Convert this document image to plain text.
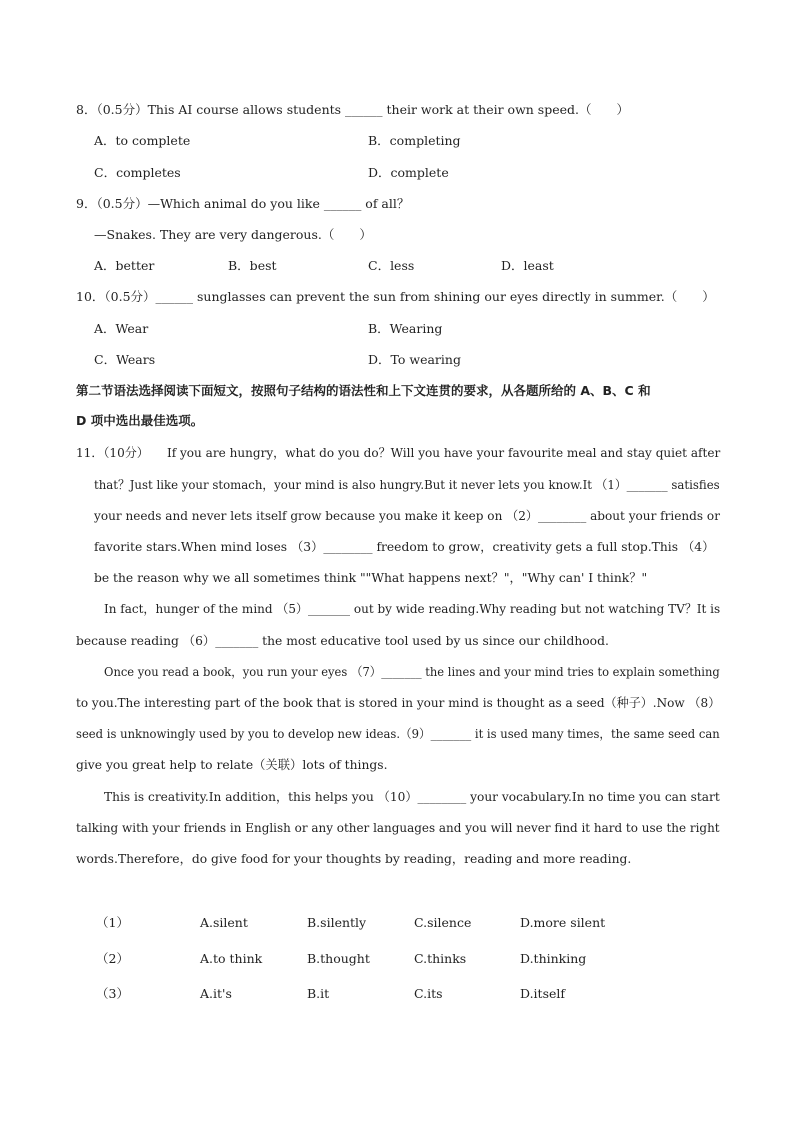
8．（0.5分）This AI course allows students ______ their work at their own speed.（　　）
A．to complete	B．completing
C．completes	D．complete
9．（0.5分）—Which animal do you like ______ of all？
—Snakes. They are very dangerous.（　　）
A．better	B．best	C．less	D．least
10．（0.5分）______ sunglasses can prevent the sun from shining our eyes directly in summer.（　　）
A．Wear	B．Wearing
C．Wears	D．To wearing
第二节语法选择阅读下面短文，按照句子结构的语法性和上下文连贯的要求，从各题所给的 A、B、C 和
D 项中选出最佳选项。
11．（10分）　　If you are hungry，what do you do？Will you have your favourite meal and stay quiet after
that？Just like your stomach，your mind is also hungry.But it never lets you know.It （1）_______ satisfies
your needs and never lets itself grow because you make it keep on （2）________ about your friends or
favorite stars.When mind loses （3）________ freedom to grow，creativity gets a full stop.This （4）
be the reason why we all sometimes think ""What happens next？"，"Why can' I think？"
In fact，hunger of the mind （5）_______ out by wide reading.Why reading but not watching TV？It is
because reading （6）_______ the most educative tool used by us since our childhood.
Once you read a book，you run your eyes （7）_______ the lines and your mind tries to explain something
to you.The interesting part of the book that is stored in your mind is thought as a seed（种子）.Now （8）
seed is unknowingly used by you to develop new ideas.（9）_______ it is used many times，the same seed can
give you great help to relate（关联）lots of things.
This is creativity.In addition，this helps you （10）________ your vocabulary.In no time you can start
talking with your friends in English or any other languages and you will never find it hard to use the right
words.Therefore，do give food for your thoughts by reading，reading and more reading.
（1）	A.silent	B.silently	C.silence	D.more silent
（2）	A.to think	B.thought	C.thinks	D.thinking
（3）	A.it's	B.it	C.its	D.itself
